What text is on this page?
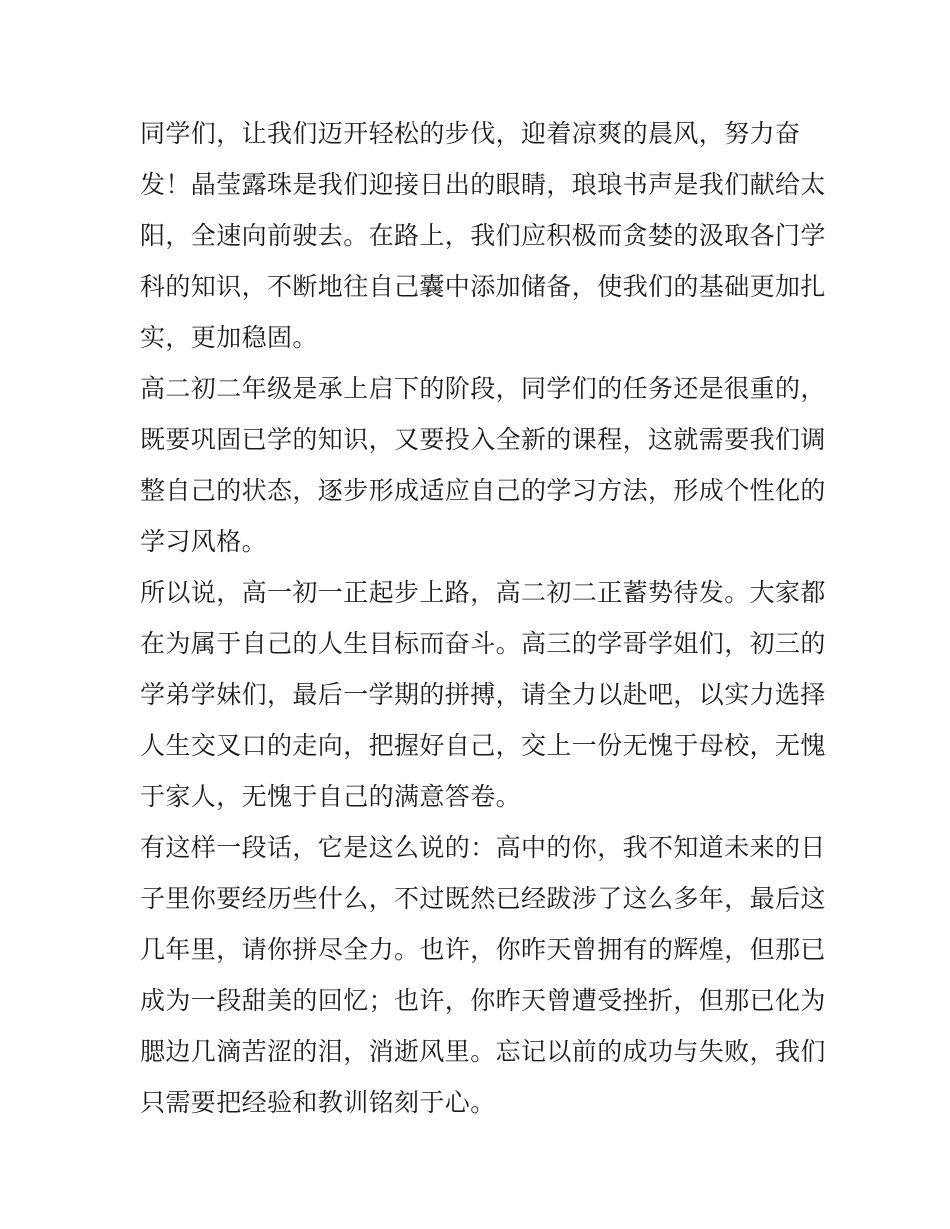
同学们，让我们迈开轻松的步伐，迎着凉爽的晨风，努力奋
发！晶莹露珠是我们迎接日出的眼睛，琅琅书声是我们献给太
阳，全速向前驶去。在路上，我们应积极而贪婪的汲取各门学
科的知识，不断地往自己囊中添加储备，使我们的基础更加扎
实，更加稳固。
高二初二年级是承上启下的阶段，同学们的任务还是很重的，
既要巩固已学的知识，又要投入全新的课程，这就需要我们调
整自己的状态，逐步形成适应自己的学习方法，形成个性化的
学习风格。
所以说，高一初一正起步上路，高二初二正蓄势待发。大家都
在为属于自己的人生目标而奋斗。高三的学哥学姐们，初三的
学弟学妹们，最后一学期的拼搏，请全力以赴吧，以实力选择
人生交叉口的走向，把握好自己，交上一份无愧于母校，无愧
于家人，无愧于自己的满意答卷。
有这样一段话，它是这么说的：高中的你，我不知道未来的日
子里你要经历些什么，不过既然已经跋涉了这么多年，最后这
几年里，请你拼尽全力。也许，你昨天曾拥有的辉煌，但那已
成为一段甜美的回忆；也许，你昨天曾遭受挫折，但那已化为
腮边几滴苦涩的泪，消逝风里。忘记以前的成功与失败，我们
只需要把经验和教训铭刻于心。
